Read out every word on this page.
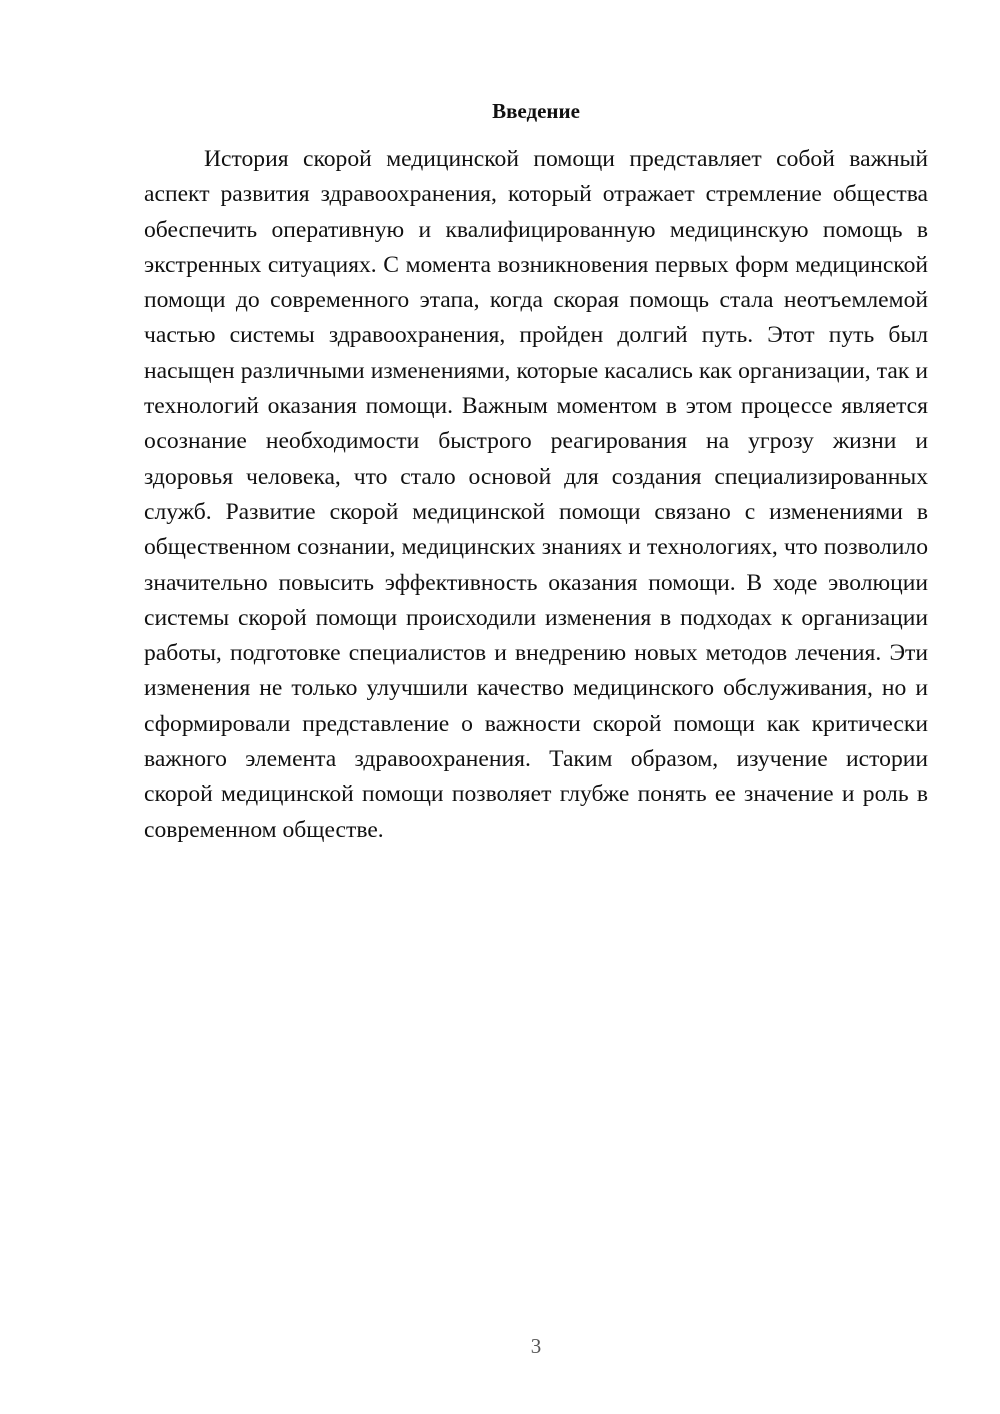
Введение

История скорой медицинской помощи представляет собой важный аспект развития здравоохранения, который отражает стремление общества обеспечить оперативную и квалифицированную медицинскую помощь в экстренных ситуациях. С момента возникновения первых форм медицинской помощи до современного этапа, когда скорая помощь стала неотъемлемой частью системы здравоохранения, пройден долгий путь. Этот путь был насыщен различными изменениями, которые касались как организации, так и технологий оказания помощи. Важным моментом в этом процессе является осознание необходимости быстрого реагирования на угрозу жизни и здоровья человека, что стало основой для создания специализированных служб. Развитие скорой медицинской помощи связано с изменениями в общественном сознании, медицинских знаниях и технологиях, что позволило значительно повысить эффективность оказания помощи. В ходе эволюции системы скорой помощи происходили изменения в подходах к организации работы, подготовке специалистов и внедрению новых методов лечения. Эти изменения не только улучшили качество медицинского обслуживания, но и сформировали представление о важности скорой помощи как критически важного элемента здравоохранения. Таким образом, изучение истории скорой медицинской помощи позволяет глубже понять ее значение и роль в современном обществе.

3
